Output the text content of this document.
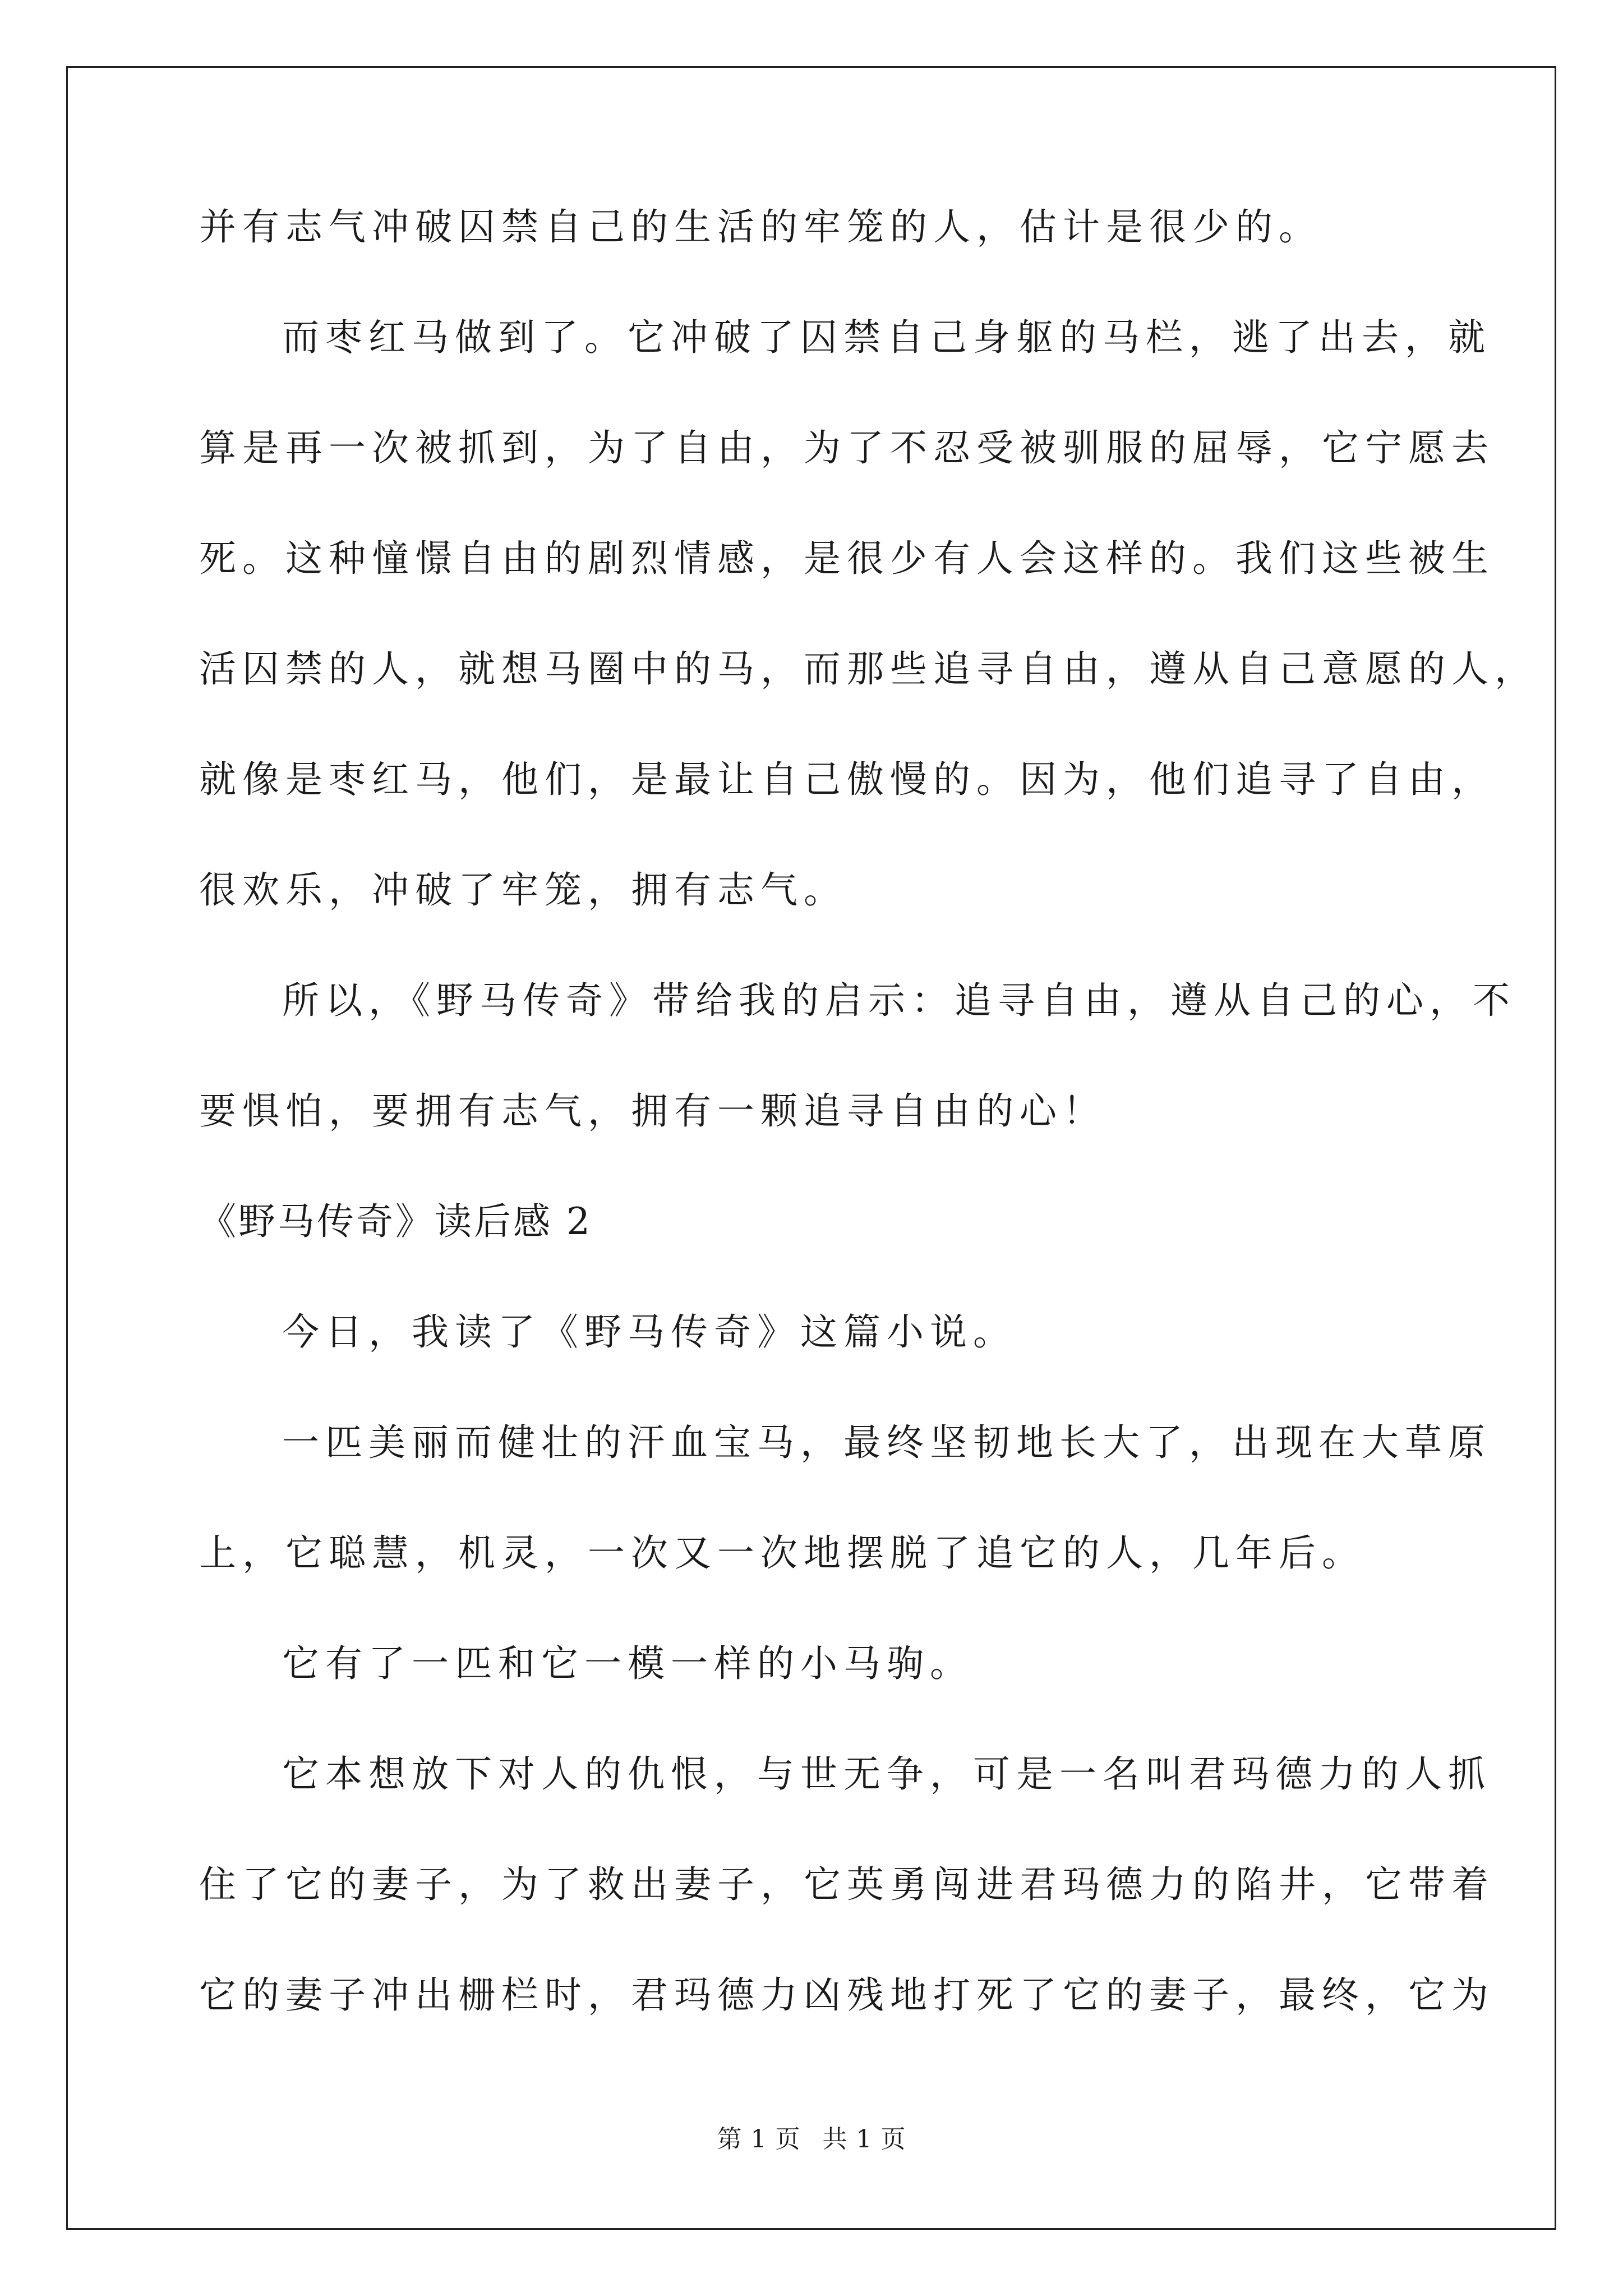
并有志气冲破囚禁自己的生活的牢笼的人，估计是很少的。
而枣红马做到了。它冲破了囚禁自己身躯的马栏，逃了出去，就
算是再一次被抓到，为了自由，为了不忍受被驯服的屈辱，它宁愿去
死。这种憧憬自由的剧烈情感，是很少有人会这样的。我们这些被生
活囚禁的人，就想马圈中的马，而那些追寻自由，遵从自己意愿的人，
就像是枣红马，他们，是最让自己傲慢的。因为，他们追寻了自由，
很欢乐，冲破了牢笼，拥有志气。
所以，《野马传奇》带给我的启示：追寻自由，遵从自己的心，不
要惧怕，要拥有志气，拥有一颗追寻自由的心！
《野马传奇》读后感 2
今日，我读了《野马传奇》这篇小说。
一匹美丽而健壮的汗血宝马，最终坚韧地长大了，出现在大草原
上，它聪慧，机灵，一次又一次地摆脱了追它的人，几年后。
它有了一匹和它一模一样的小马驹。
它本想放下对人的仇恨，与世无争，可是一名叫君玛德力的人抓
住了它的妻子，为了救出妻子，它英勇闯进君玛德力的陷井，它带着
它的妻子冲出栅栏时，君玛德力凶残地打死了它的妻子，最终，它为
第 1 页 共 1 页
